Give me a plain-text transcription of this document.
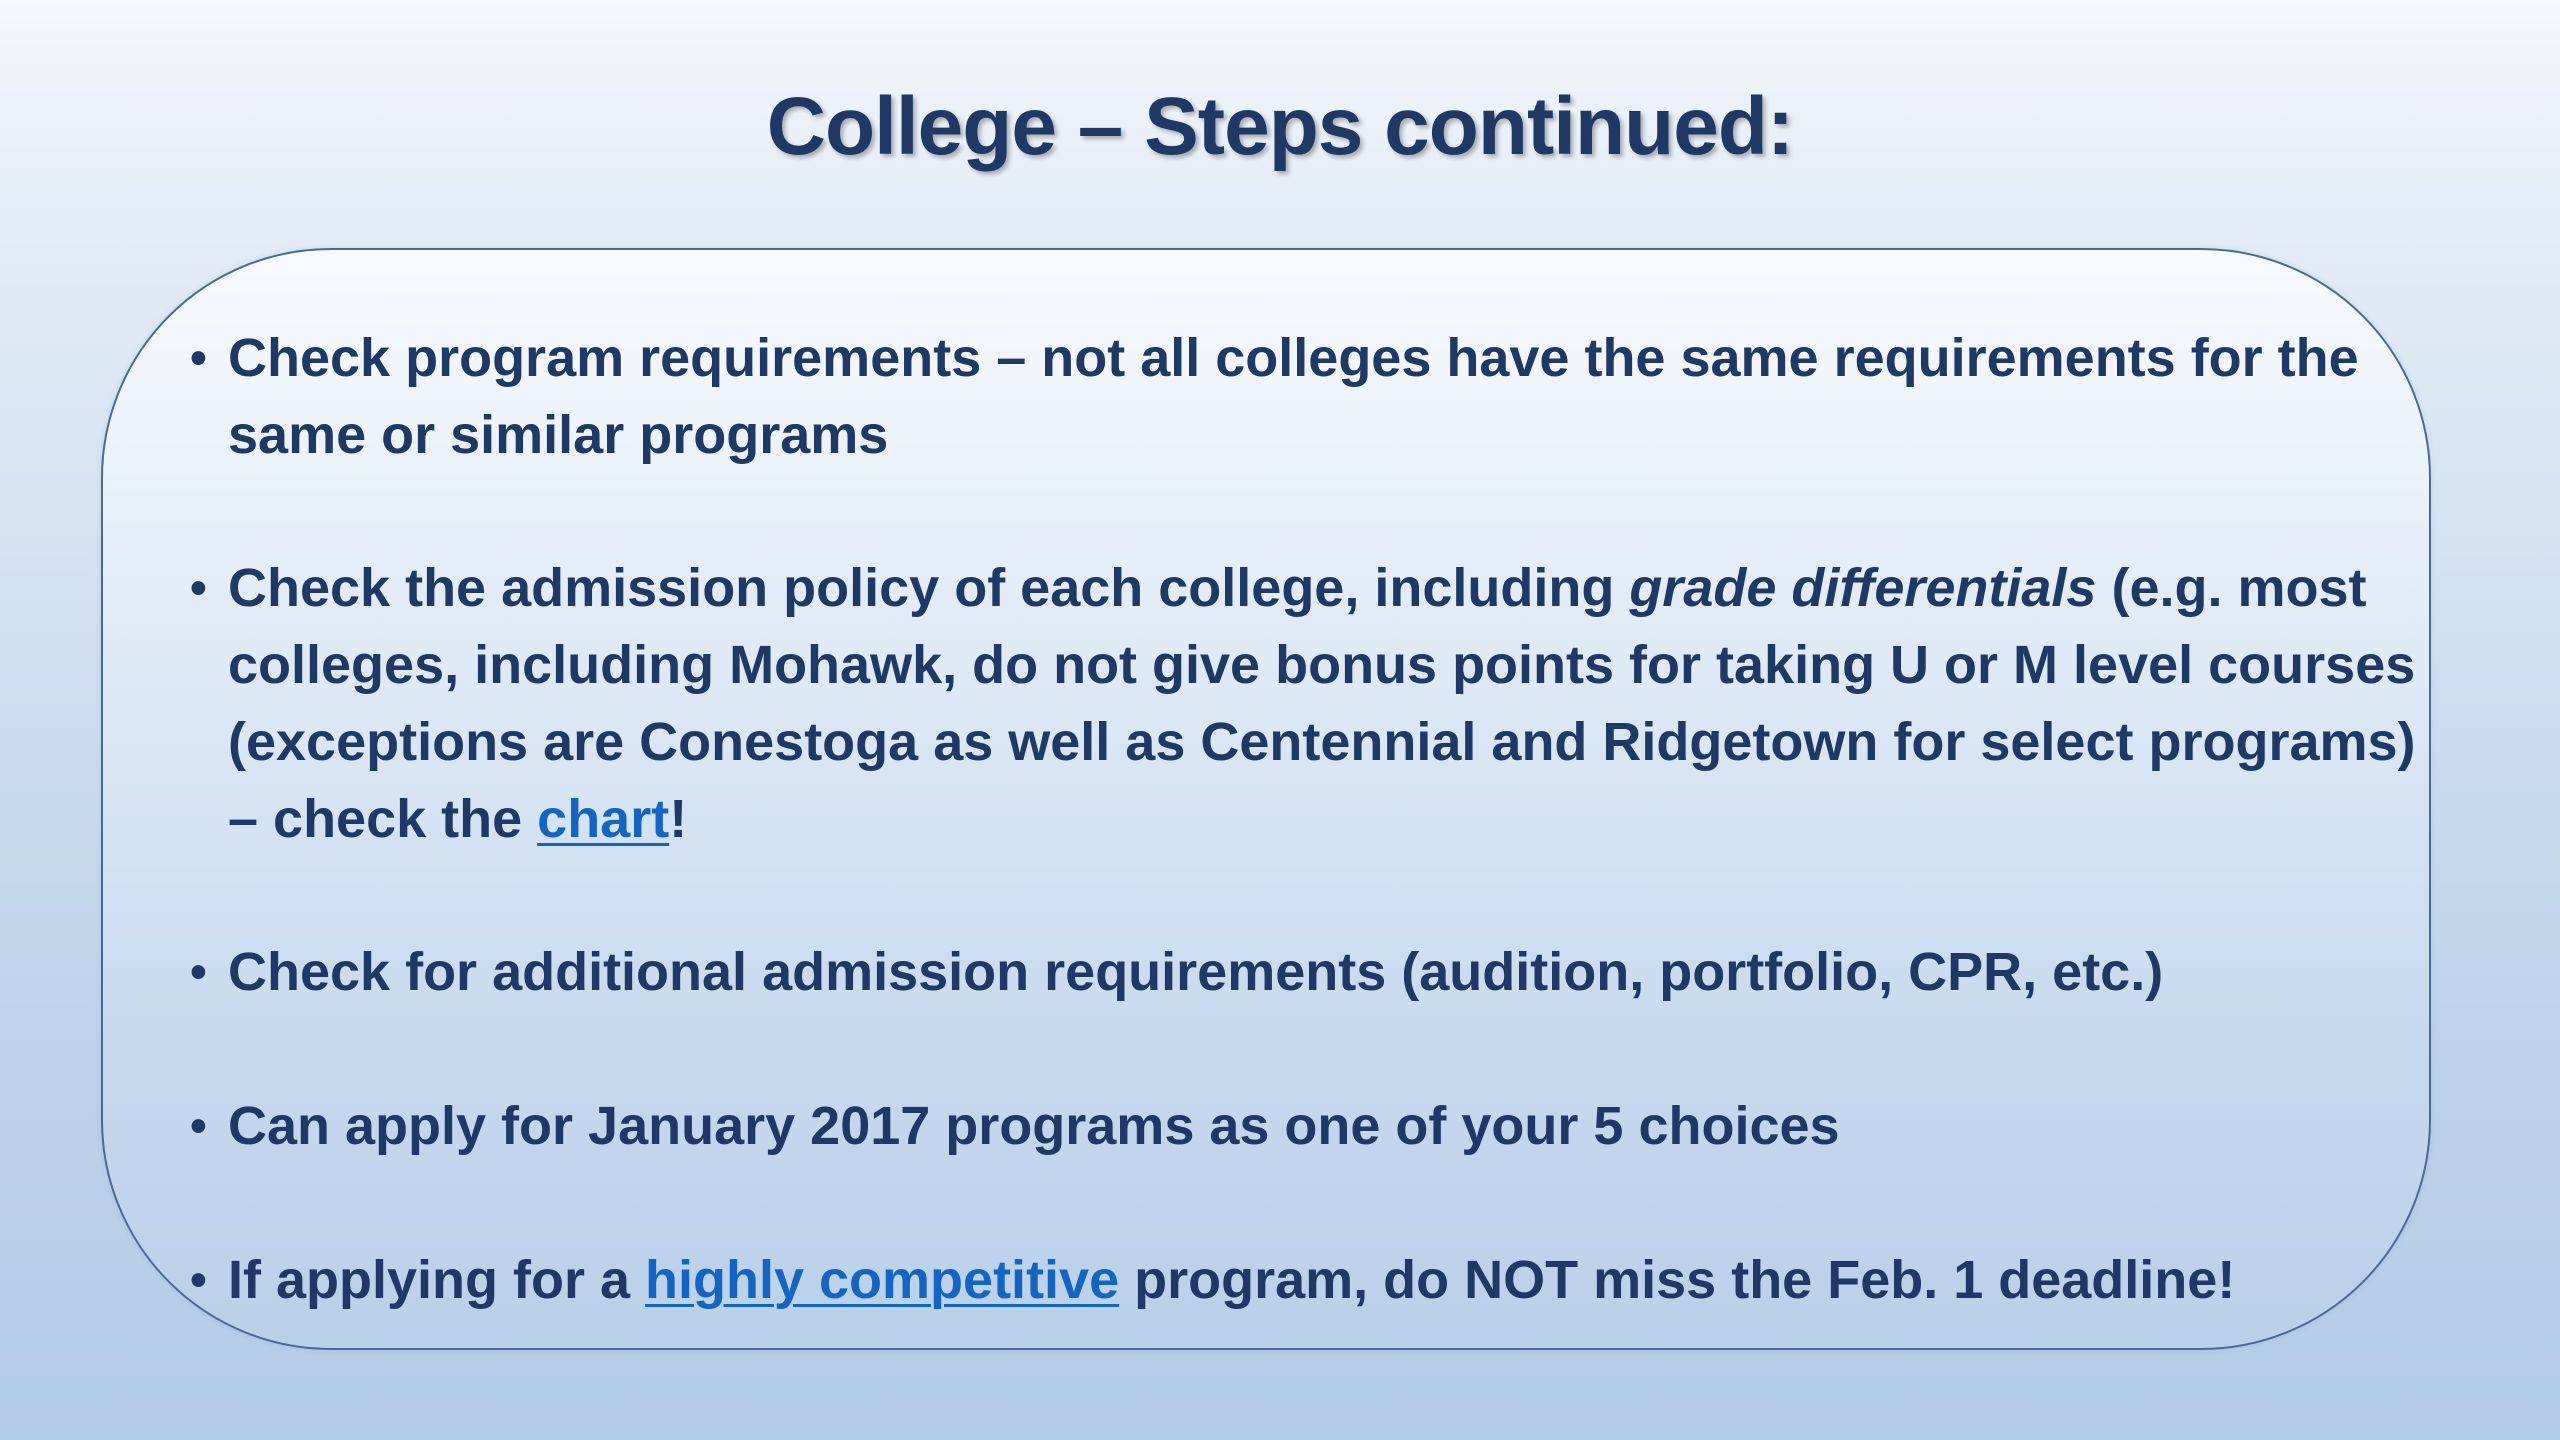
College – Steps continued:
• Check program requirements – not all colleges have the same requirements for the same or similar programs
• Check the admission policy of each college, including grade differentials (e.g. most colleges, including Mohawk, do not give bonus points for taking U or M level courses (exceptions are Conestoga as well as Centennial and Ridgetown for select programs) – check the chart!
• Check for additional admission requirements (audition, portfolio, CPR, etc.)
• Can apply for January 2017 programs as one of your 5 choices
• If applying for a highly competitive program, do NOT miss the Feb. 1 deadline!
